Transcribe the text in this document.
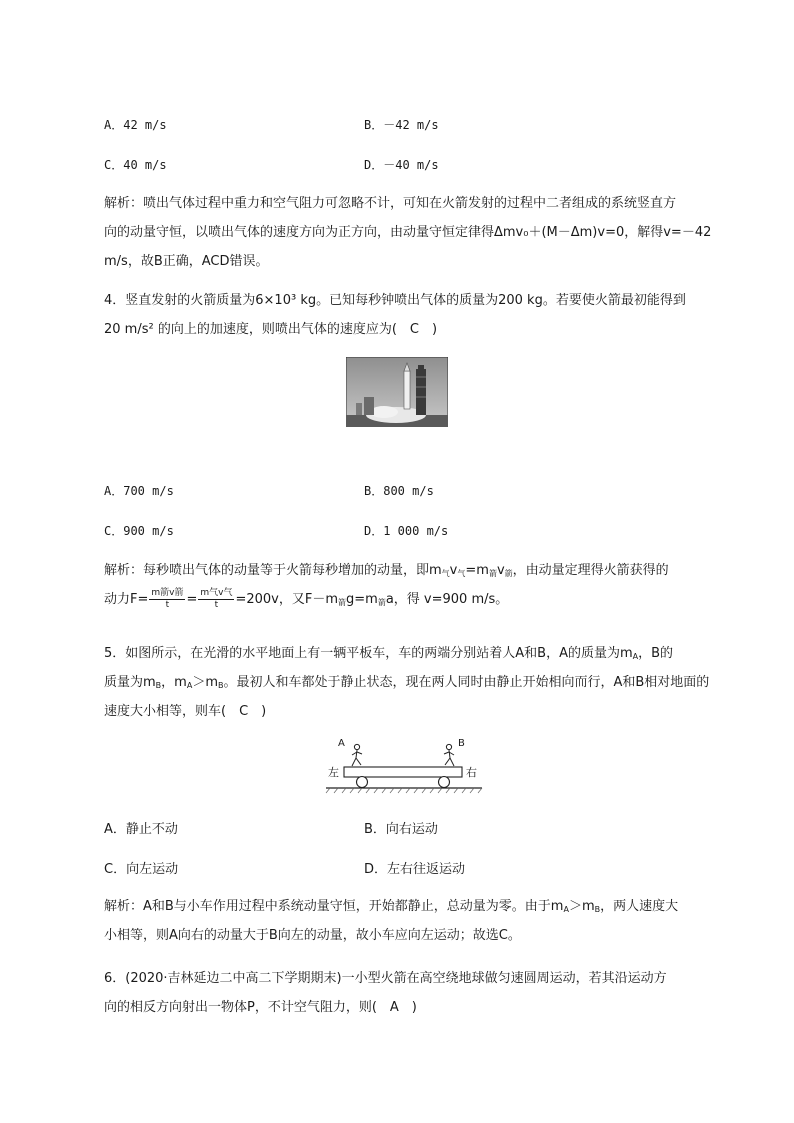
A．42 m/s	B．－42 m/s
C．40 m/s	D．－40 m/s
解析：喷出气体过程中重力和空气阻力可忽略不计，可知在火箭发射的过程中二者组成的系统竖直方
向的动量守恒，以喷出气体的速度方向为正方向，由动量守恒定律得Δmv₀＋(M－Δm)v=0，解得v=－42
m/s，故B正确，ACD错误。
4．竖直发射的火箭质量为6×10³ kg。已知每秒钟喷出气体的质量为200 kg。若要使火箭最初能得到
20 m/s² 的向上的加速度，则喷出气体的速度应为(　C　)
A．700 m/s	B．800 m/s
C．900 m/s	D．1 000 m/s
解析：每秒喷出气体的动量等于火箭每秒增加的动量，即$m_气v_气=m_箭v_箭$，由动量定理得火箭获得的
动力$F= \frac{\text{m箭v箭}}{t} = \frac{\text{m气v气}}{t} =200v$，又$F-m_箭g=m_箭a$，得 v=900 m/s。
5．如图所示，在光滑的水平地面上有一辆平板车，车的两端分别站着人A和B，A的质量为$m_A$，B的
质量为$m_B$，$m_A>m_B$。最初人和车都处于静止状态，现在两人同时由静止开始相向而行，A和B相对地面的
速度大小相等，则车(　C　)
A	B
左	右
A．静止不动	B．向右运动
C．向左运动	D．左右往返运动
解析：A和B与小车作用过程中系统动量守恒，开始都静止，总动量为零。由于$m_A>m_B$，两人速度大
小相等，则A向右的动量大于B向左的动量，故小车应向左运动；故选C。
6．(2020·吉林延边二中高二下学期期末)一小型火箭在高空绕地球做匀速圆周运动，若其沿运动方
向的相反方向射出一物体P，不计空气阻力，则(　A　)
